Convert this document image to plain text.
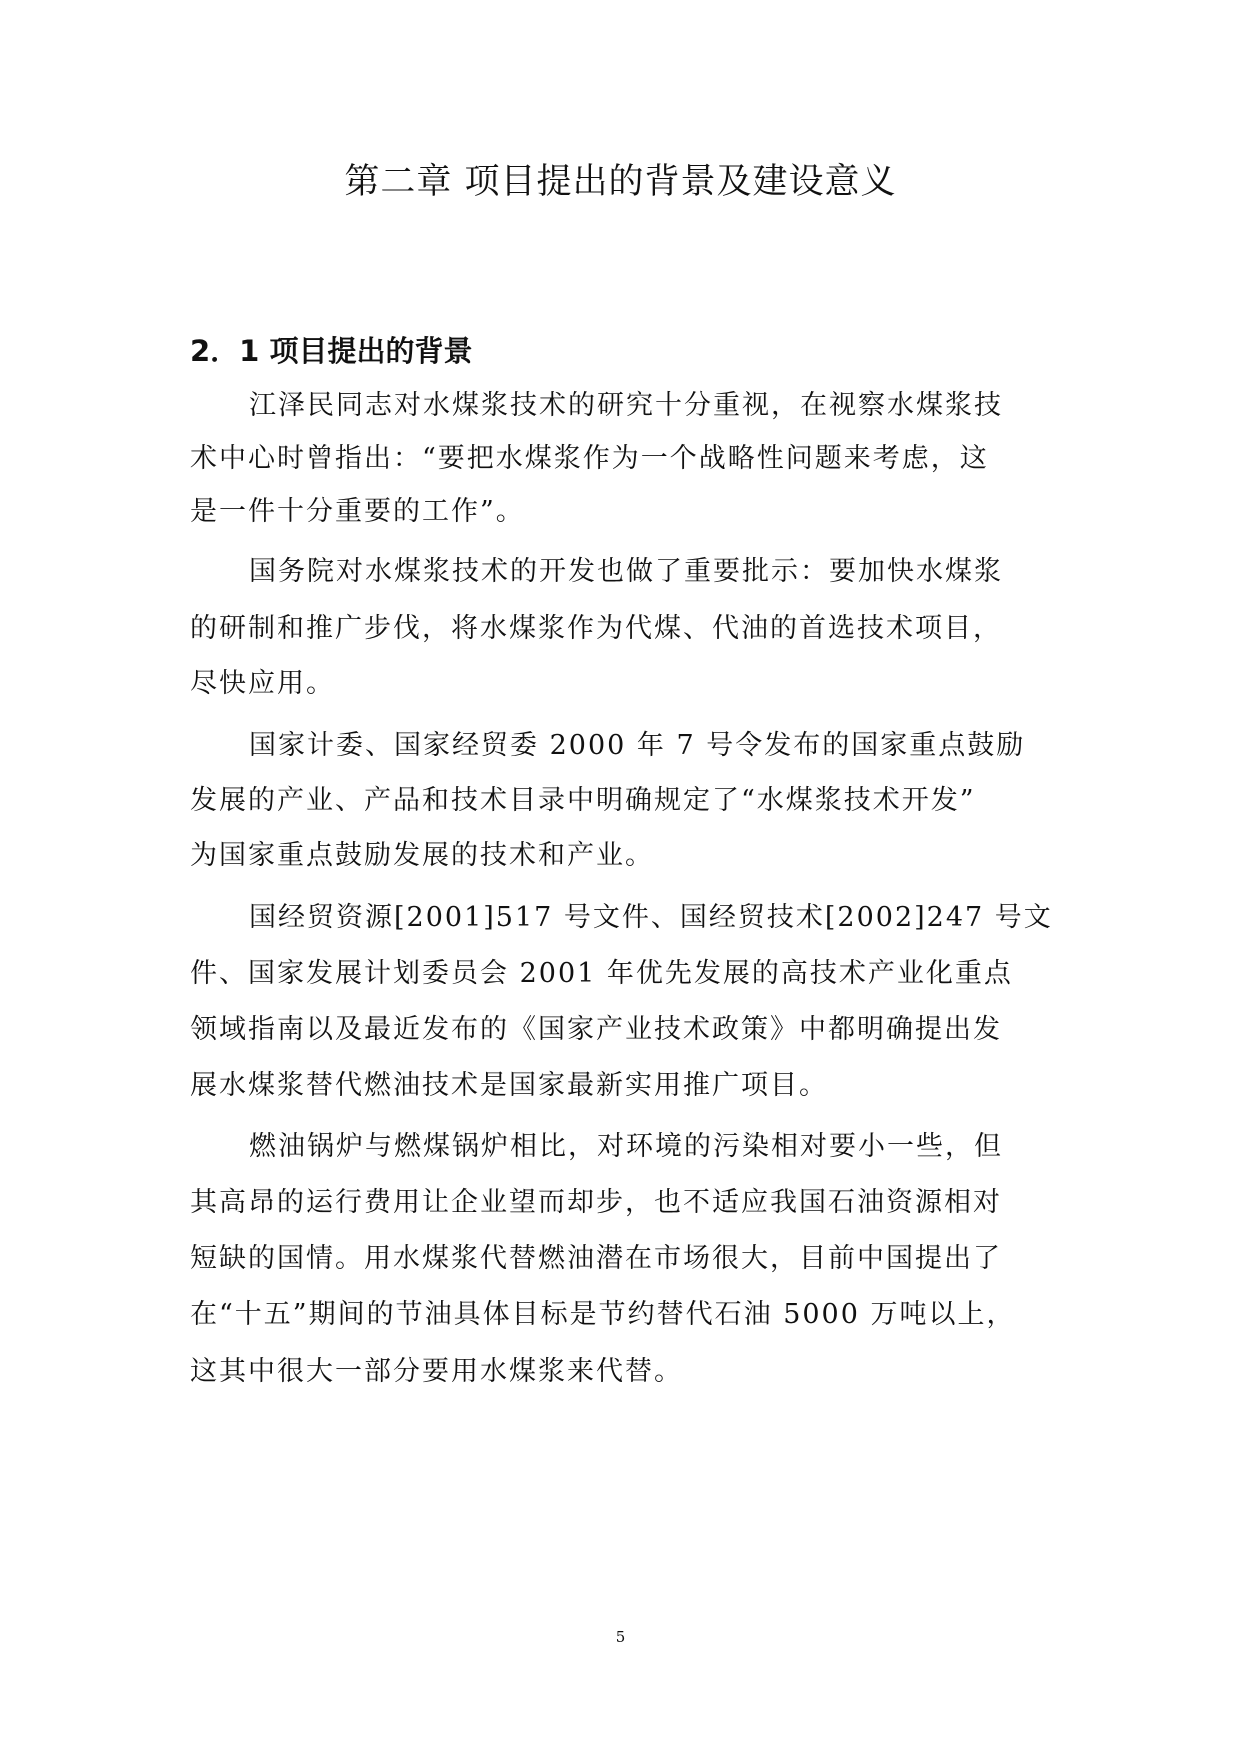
第二章 项目提出的背景及建设意义
2．1 项目提出的背景

江泽民同志对水煤浆技术的研究十分重视，在视察水煤浆技

术中心时曾指出：“要把水煤浆作为一个战略性问题来考虑，这

是一件十分重要的工作”。

国务院对水煤浆技术的开发也做了重要批示：要加快水煤浆

的研制和推广步伐，将水煤浆作为代煤、代油的首选技术项目，

尽快应用。

国家计委、国家经贸委 2000 年 7 号令发布的国家重点鼓励

发展的产业、产品和技术目录中明确规定了“水煤浆技术开发”

为国家重点鼓励发展的技术和产业。

国经贸资源[2001]517 号文件、国经贸技术[2002]247 号文

件、国家发展计划委员会 2001 年优先发展的高技术产业化重点

领域指南以及最近发布的《国家产业技术政策》中都明确提出发

展水煤浆替代燃油技术是国家最新实用推广项目。

燃油锅炉与燃煤锅炉相比，对环境的污染相对要小一些，但

其高昂的运行费用让企业望而却步，也不适应我国石油资源相对

短缺的国情。用水煤浆代替燃油潜在市场很大，目前中国提出了

在“十五”期间的节油具体目标是节约替代石油 5000 万吨以上，

这其中很大一部分要用水煤浆来代替。

5
